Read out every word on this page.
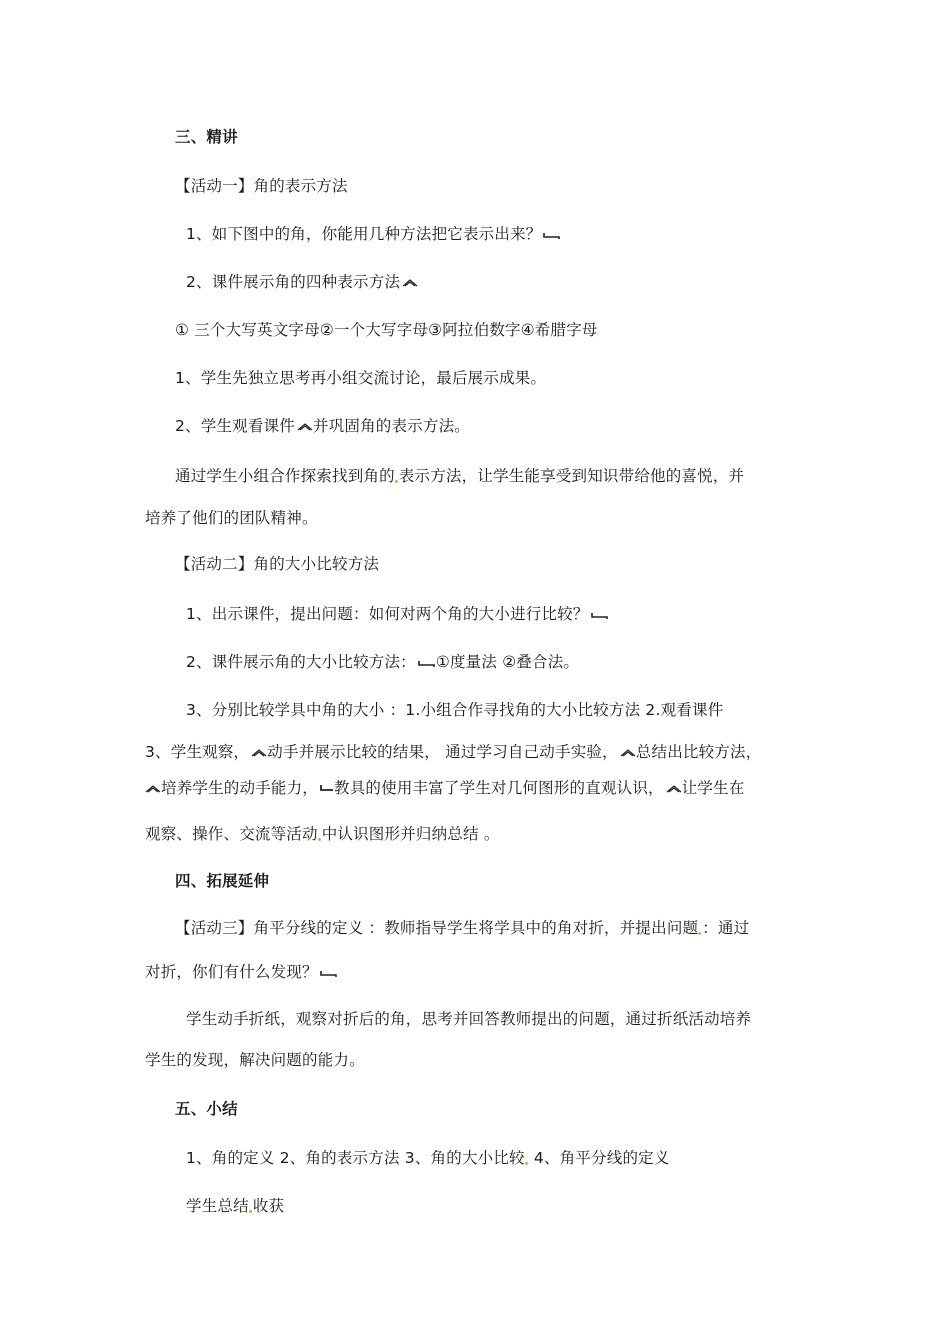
三、精讲
【活动一】角的表示方法
1、如下图中的角，你能用几种方法把它表示出来？
2、课件展示角的四种表示方法
① 三个大写英文字母②一个大写字母③阿拉伯数字④希腊字母
1、学生先独立思考再小组交流讨论，最后展示成果。
2、学生观看课件 并巩固角的表示方法。
通过学生小组合作探索找到角的 表示方法，让学生能享受到知识带给他的喜悦，并
培养了他们的团队精神。
【活动二】角的大小比较方法
1、出示课件，提出问题：如何对两个角的大小进行比较？
2、课件展示角的大小比较方法： ①度量法 ②叠合法。
3、分别比较学具中角的大小 ：1.小组合作寻找角的大小比较方法 2.观看课件
3、学生观察， 动手并展示比较的结果， 通过学习自己动手实验， 总结出比较方法，
培养学生的动手能力， 教具的使用丰富了学生对几何图形的直观认识， 让学生在
观察、操作、交流等活动 中认识图形并归纳总结 。
四、拓展延伸
【活动三】角平分线的定义 ：教师指导学生将学具中的角对折，并提出问题 ：通过
对折，你们有什么发现？
学生动手折纸，观察对折后的角，思考并回答教师提出的问题，通过折纸活动培养
学生的发现，解决问题的能力。
五、小结
1、角的定义 2、角的表示方法 3、角的大小比较 4、角平分线的定义
学生总结 收获
